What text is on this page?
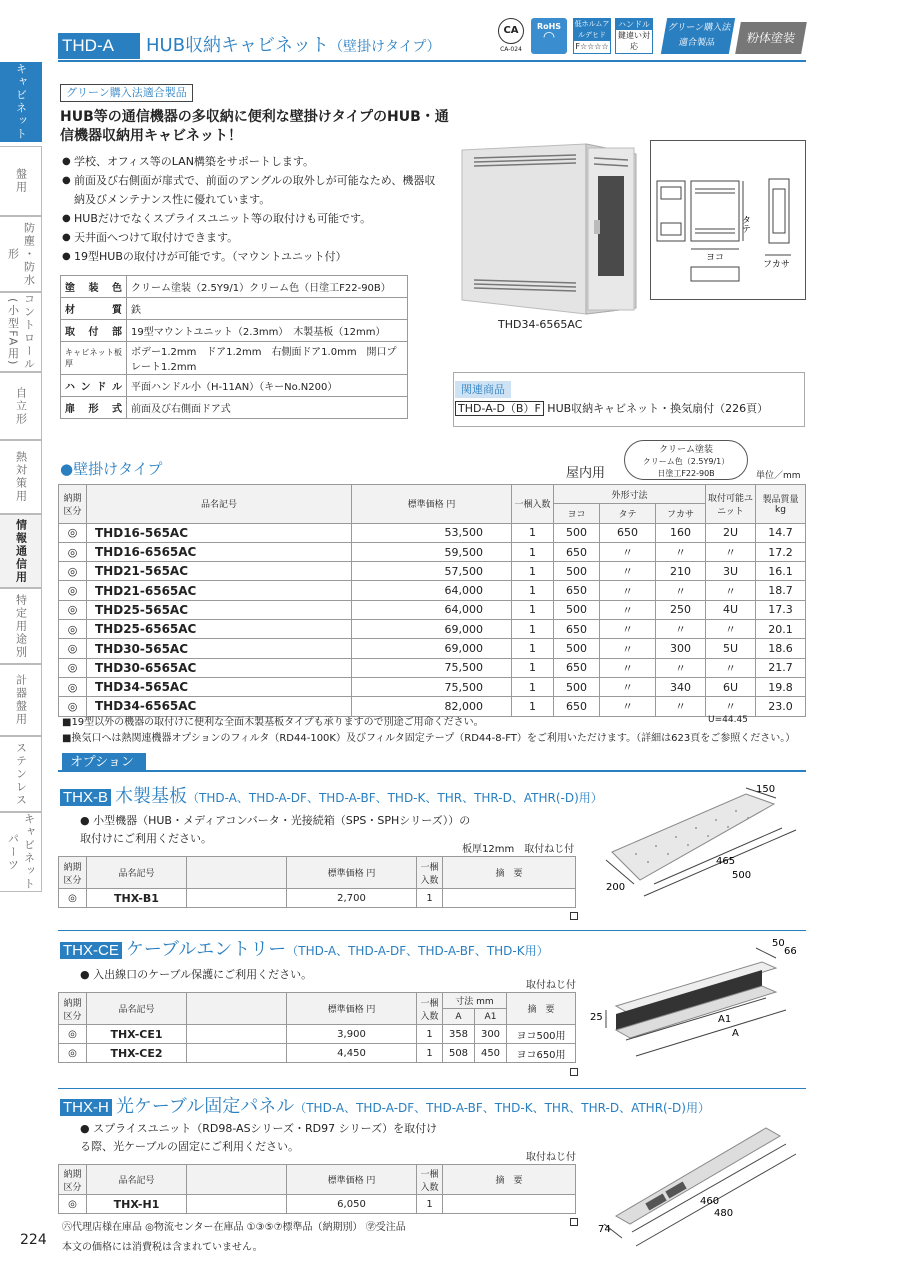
THD-A	HUB収納キャビネット（壁掛けタイプ）
CA
CA-024
RoHS
◠
低ホルムアルデヒド
F☆☆☆☆
ハンドル
鍵違い対応
グリーン購入法適合製品	粉体塗装
キャビネット
盤用
防塵・防水形
コントロール(小型FA用)
自立形
熱対策用
情報通信用
特定用途別
計器盤用
ステンレス
キャビネットパーツ
グリーン購入法適合製品
HUB等の通信機器の多収納に便利な壁掛けタイプのHUB・通信機器収納用キャビネット！
● 学校、オフィス等のLAN構築をサポートします。
● 前面及び右側面が扉式で、前面のアングルの取外しが可能なため、機器収納及びメンテナンス性に優れています。
● HUBだけでなくスプライスユニット等の取付けも可能です。
● 天井面へつけて取付けできます。
● 19型HUBの取付けが可能です。（マウントユニット付）
塗装色	クリーム塗装（2.5Y9/1）クリーム色（日塗工F22-90B）
材質	鉄
取付部	19型マウントユニット（2.3mm）　木製基板（12mm）
キャビネット板厚	ボデー1.2mm　ドア1.2mm　右側面ドア1.0mm　開口プレート1.2mm
ハンドル	平面ハンドル小（H-11AN）（キーNo.N200）
扉形式	前面及び右側面ドア式
THD34-6565AC
タテ
ヨコ
フカサ
関連商品
THD-A-D（B）F HUB収納キャビネット・換気扇付（226頁）
●壁掛けタイプ	屋内用
クリーム塗装
クリーム色（2.5Y9/1）
日塗工F22-90B	単位／mm
納期区分	品名記号	標準価格 円	一梱入数	外形寸法			取付可能ユニット	製品質量kg
				ヨコ	タテ	フカサ		
◎	THD16-565AC	53,500	1	500	650	160	2U	14.7
◎	THD16-6565AC	59,500	1	650	〃	〃	〃	17.2
◎	THD21-565AC	57,500	1	500	〃	210	3U	16.1
◎	THD21-6565AC	64,000	1	650	〃	〃	〃	18.7
◎	THD25-565AC	64,000	1	500	〃	250	4U	17.3
◎	THD25-6565AC	69,000	1	650	〃	〃	〃	20.1
◎	THD30-565AC	69,000	1	500	〃	300	5U	18.6
◎	THD30-6565AC	75,500	1	650	〃	〃	〃	21.7
◎	THD34-565AC	75,500	1	500	〃	340	6U	19.8
◎	THD34-6565AC	82,000	1	650	〃	〃	〃	23.0
U=44.45
■19型以外の機器の取付けに便利な全面木製基板タイプも承りますので別途ご用命ください。
■換気口へは熱関連機器オプションのフィルタ（RD44-100K）及びフィルタ固定テープ（RD44-8-FT）をご利用いただけます。（詳細は623頁をご参照ください。）
オプション
THX-B 木製基板（THD-A、THD-A-DF、THD-A-BF、THD-K、THR、THR-D、ATHR(-D)用）
● 小型機器（HUB・メディアコンバータ・光接続箱（SPS・SPHシリーズ））の取付けにご利用ください。
板厚12mm　取付ねじ付
納期区分	品名記号		標準価格 円	一梱入数	摘　要
◎	THX-B1		2,700	1	
150
465
500
200
THX-CE ケーブルエントリー（THD-A、THD-A-DF、THD-A-BF、THD-K用）
● 入出線口のケーブル保護にご利用ください。
取付ねじ付
納期区分	品名記号		標準価格 円	一梱入数	寸法 mm		摘　要
					A	A1	
◎	THX-CE1		3,900	1	358	300	ヨコ500用
◎	THX-CE2		4,450	1	508	450	ヨコ650用
50
66
25	A1
A
THX-H 光ケーブル固定パネル（THD-A、THD-A-DF、THD-A-BF、THD-K、THR、THR-D、ATHR(-D)用）
● スプライスユニット（RD98-ASシリーズ・RD97 シリーズ）を取付ける際、光ケーブルの固定にご利用ください。
取付ねじ付
納期区分	品名記号		標準価格 円	一梱入数	摘　要
◎	THX-H1		6,050	1		460
480
74
224
㊅代理店様在庫品 ◎物流センター在庫品 ①③⑤⑦標準品（納期別） ㊫受注品
本文の価格には消費税は含まれていません。
